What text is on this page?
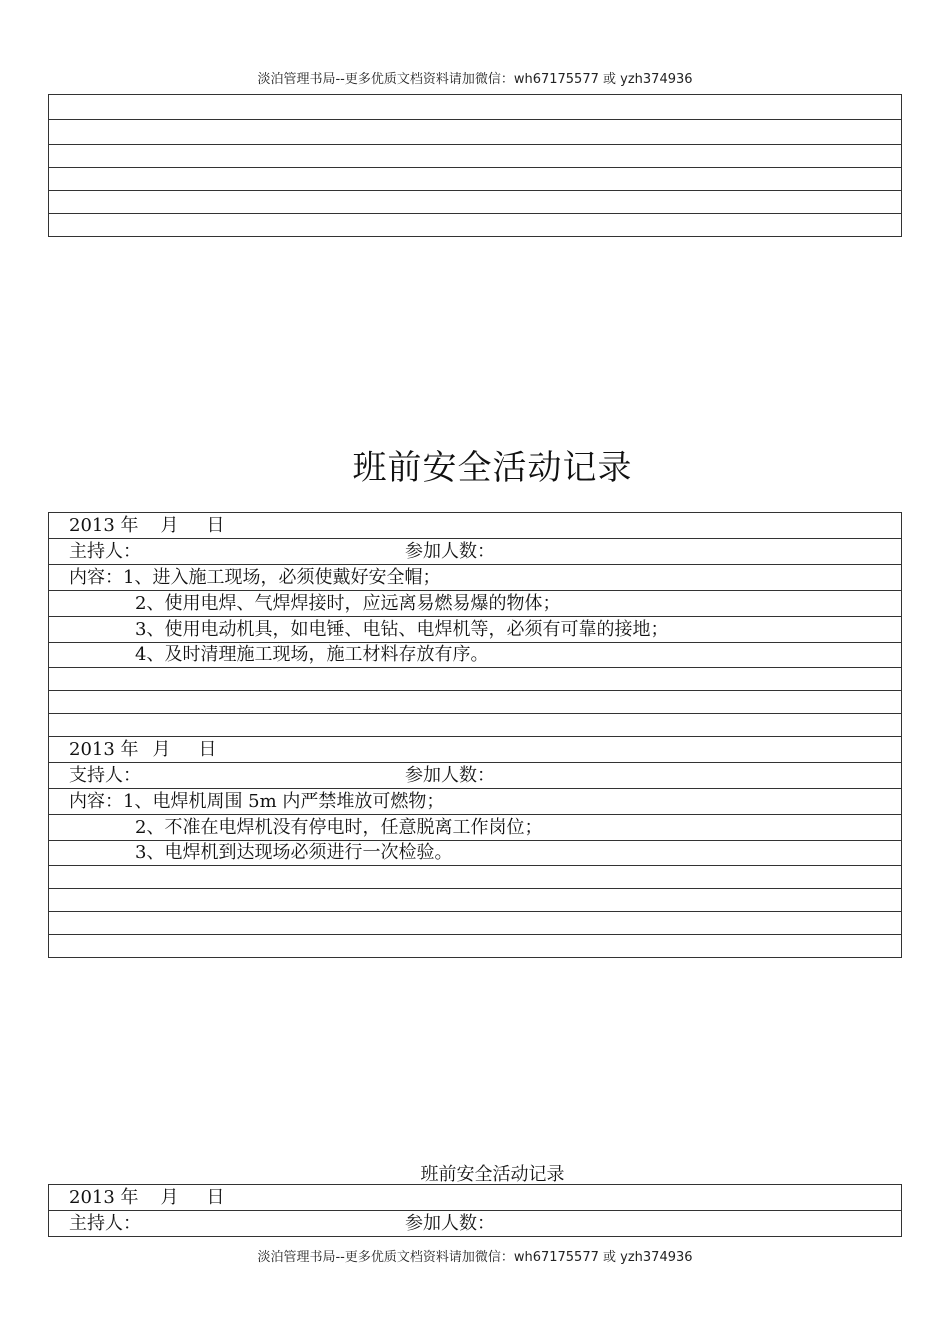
淡泊管理书局--更多优质文档资料请加微信：wh67175577 或 yzh374936

班前安全活动记录
2013 年 月 日
主持人：	参加人数：
内容：1、进入施工现场，必须使戴好安全帽；
2、使用电焊、气焊焊接时，应远离易燃易爆的物体；
3、使用电动机具，如电锤、电钻、电焊机等，必须有可靠的接地；
4、及时清理施工现场，施工材料存放有序。

2013 年 月 日
支持人：	参加人数：
内容：1、电焊机周围 5m 内严禁堆放可燃物；
2、不准在电焊机没有停电时，任意脱离工作岗位；
3、电焊机到达现场必须进行一次检验。

班前安全活动记录
2013 年 月 日
主持人：	参加人数：
淡泊管理书局--更多优质文档资料请加微信：wh67175577 或 yzh374936
